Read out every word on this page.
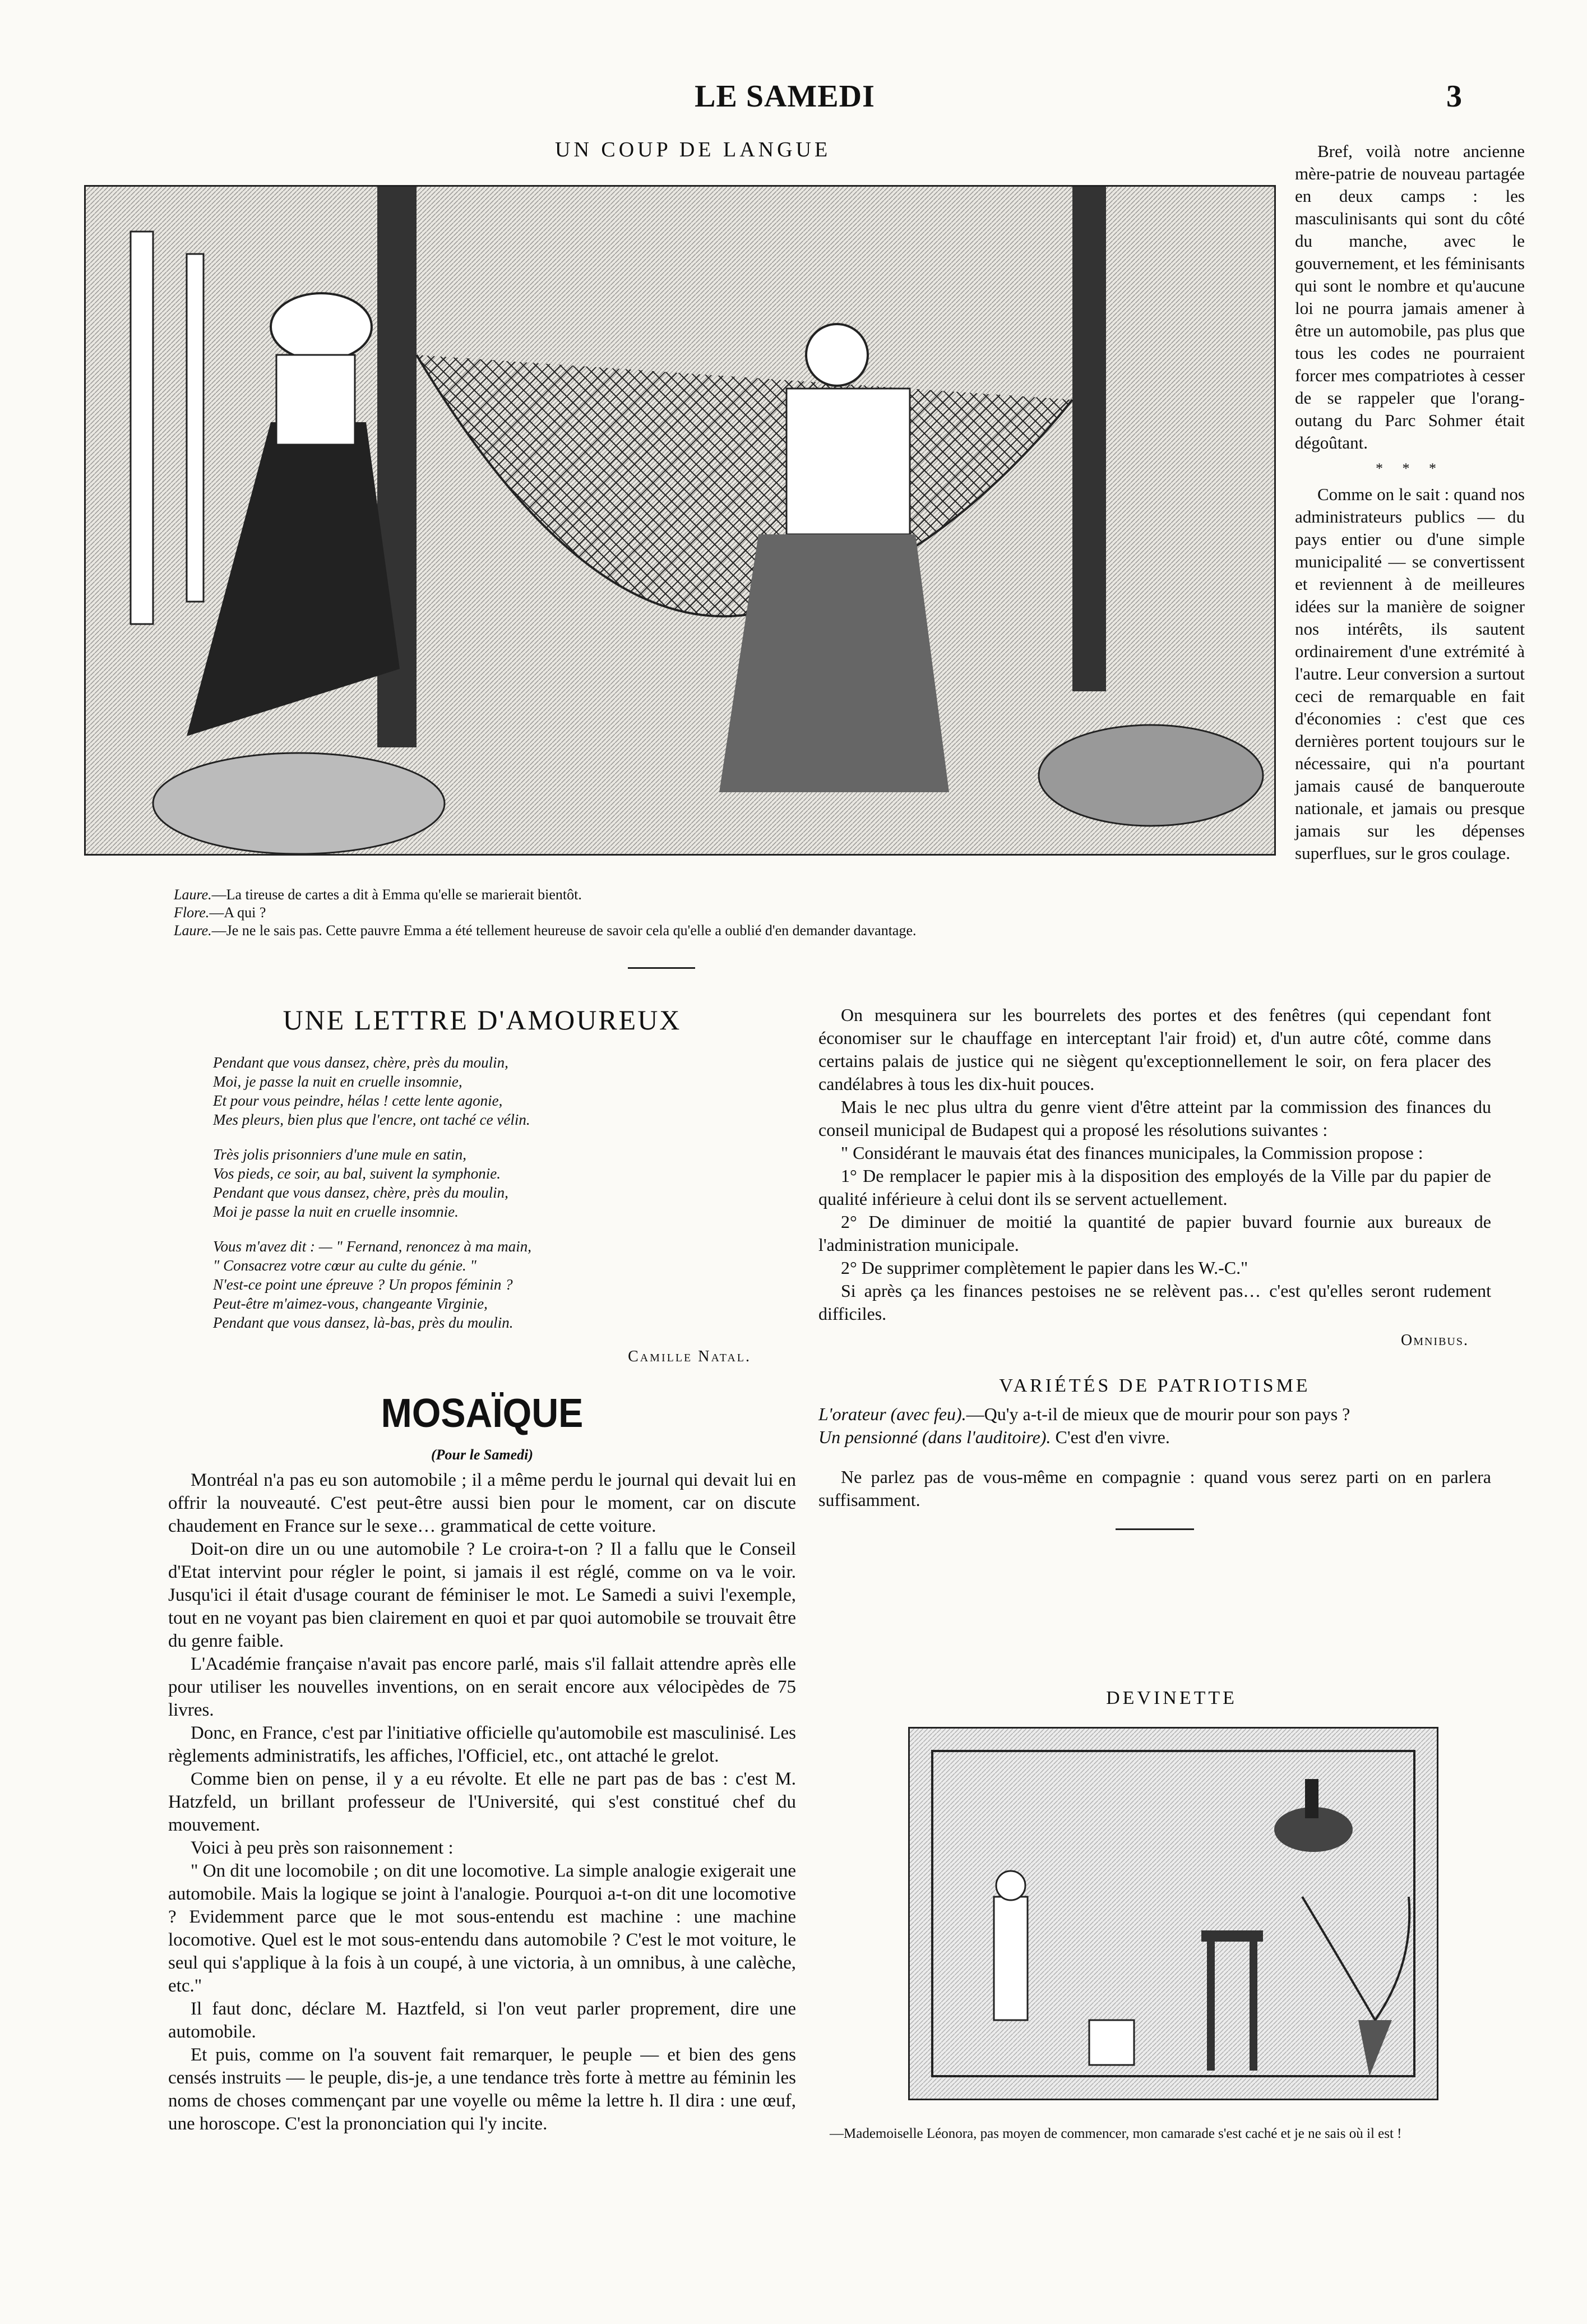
LE SAMEDI	3
UN COUP DE LANGUE
Laure.—La tireuse de cartes a dit à Emma qu'elle se marierait bientôt.
Flore.—A qui ?
Laure.—Je ne le sais pas. Cette pauvre Emma a été tellement heureuse de savoir cela qu'elle a oublié d'en demander davantage.

Bref, voilà notre ancienne mère-patrie de nouveau partagée en deux camps : les masculinisants qui sont du côté du manche, avec le gouvernement, et les féminisants qui sont le nombre et qu'aucune loi ne pourra jamais amener à être un automobile, pas plus que tous les codes ne pourraient forcer mes compatriotes à cesser de se rappeler que l'orang-outang du Parc Sohmer était dégoûtant.

* * *

Comme on le sait : quand nos administrateurs publics — du pays entier ou d'une simple municipalité — se convertissent et reviennent à de meilleures idées sur la manière de soigner nos intérêts, ils sautent ordinairement d'une extrémité à l'autre. Leur conversion a surtout ceci de remarquable en fait d'économies : c'est que ces dernières portent toujours sur le nécessaire, qui n'a pourtant jamais causé de banqueroute nationale, et jamais ou presque jamais sur les dépenses superflues, sur le gros coulage.

UNE LETTRE D'AMOUREUX
Pendant que vous dansez, chère, près du moulin,
Moi, je passe la nuit en cruelle insomnie,
Et pour vous peindre, hélas ! cette lente agonie,
Mes pleurs, bien plus que l'encre, ont taché ce vélin.
Très jolis prisonniers d'une mule en satin,
Vos pieds, ce soir, au bal, suivent la symphonie.
Pendant que vous dansez, chère, près du moulin,
Moi je passe la nuit en cruelle insomnie.
Vous m'avez dit : — " Fernand, renoncez à ma main,
" Consacrez votre cœur au culte du génie. "
N'est-ce point une épreuve ? Un propos féminin ?
Peut-être m'aimez-vous, changeante Virginie,
Pendant que vous dansez, là-bas, près du moulin.
Camille Natal.
MOSAÏQUE
(Pour le Samedi)

Montréal n'a pas eu son automobile ; il a même perdu le journal qui devait lui en offrir la nouveauté. C'est peut-être aussi bien pour le moment, car on discute chaudement en France sur le sexe… grammatical de cette voiture.

Doit-on dire un ou une automobile ? Le croira-t-on ? Il a fallu que le Conseil d'Etat intervint pour régler le point, si jamais il est réglé, comme on va le voir. Jusqu'ici il était d'usage courant de féminiser le mot. Le Samedi a suivi l'exemple, tout en ne voyant pas bien clairement en quoi et par quoi automobile se trouvait être du genre faible.

L'Académie française n'avait pas encore parlé, mais s'il fallait attendre après elle pour utiliser les nouvelles inventions, on en serait encore aux vélocipèdes de 75 livres.

Donc, en France, c'est par l'initiative officielle qu'automobile est masculinisé. Les règlements administratifs, les affiches, l'Officiel, etc., ont attaché le grelot.

Comme bien on pense, il y a eu révolte. Et elle ne part pas de bas : c'est M. Hatzfeld, un brillant professeur de l'Université, qui s'est constitué chef du mouvement.

Voici à peu près son raisonnement :

" On dit une locomobile ; on dit une locomotive. La simple analogie exigerait une automobile. Mais la logique se joint à l'analogie. Pourquoi a-t-on dit une locomotive ? Evidemment parce que le mot sous-entendu est machine : une machine locomotive. Quel est le mot sous-entendu dans automobile ? C'est le mot voiture, le seul qui s'applique à la fois à un coupé, à une victoria, à un omnibus, à une calèche, etc."

Il faut donc, déclare M. Haztfeld, si l'on veut parler proprement, dire une automobile.

Et puis, comme on l'a souvent fait remarquer, le peuple — et bien des gens censés instruits — le peuple, dis-je, a une tendance très forte à mettre au féminin les noms de choses commençant par une voyelle ou même la lettre h. Il dira : une œuf, une horoscope. C'est la prononciation qui l'y incite.

On mesquinera sur les bourrelets des portes et des fenêtres (qui cependant font économiser sur le chauffage en interceptant l'air froid) et, d'un autre côté, comme dans certains palais de justice qui ne siègent qu'exceptionnellement le soir, on fera placer des candélabres à tous les dix-huit pouces.

Mais le nec plus ultra du genre vient d'être atteint par la commission des finances du conseil municipal de Budapest qui a proposé les résolutions suivantes :

" Considérant le mauvais état des finances municipales, la Commission propose :

1° De remplacer le papier mis à la disposition des employés de la Ville par du papier de qualité inférieure à celui dont ils se servent actuellement.

2° De diminuer de moitié la quantité de papier buvard fournie aux bureaux de l'administration municipale.

2° De supprimer complètement le papier dans les W.-C."

Si après ça les finances pestoises ne se relèvent pas… c'est qu'elles seront rudement difficiles.

Omnibus.
VARIÉTÉS DE PATRIOTISME

L'orateur (avec feu).—Qu'y a-t-il de mieux que de mourir pour son pays ?

Un pensionné (dans l'auditoire). C'est d'en vivre.

Ne parlez pas de vous-même en compagnie : quand vous serez parti on en parlera suffisamment.

DEVINETTE
—Mademoiselle Léonora, pas moyen de commencer, mon camarade s'est caché et je ne sais où il est !
